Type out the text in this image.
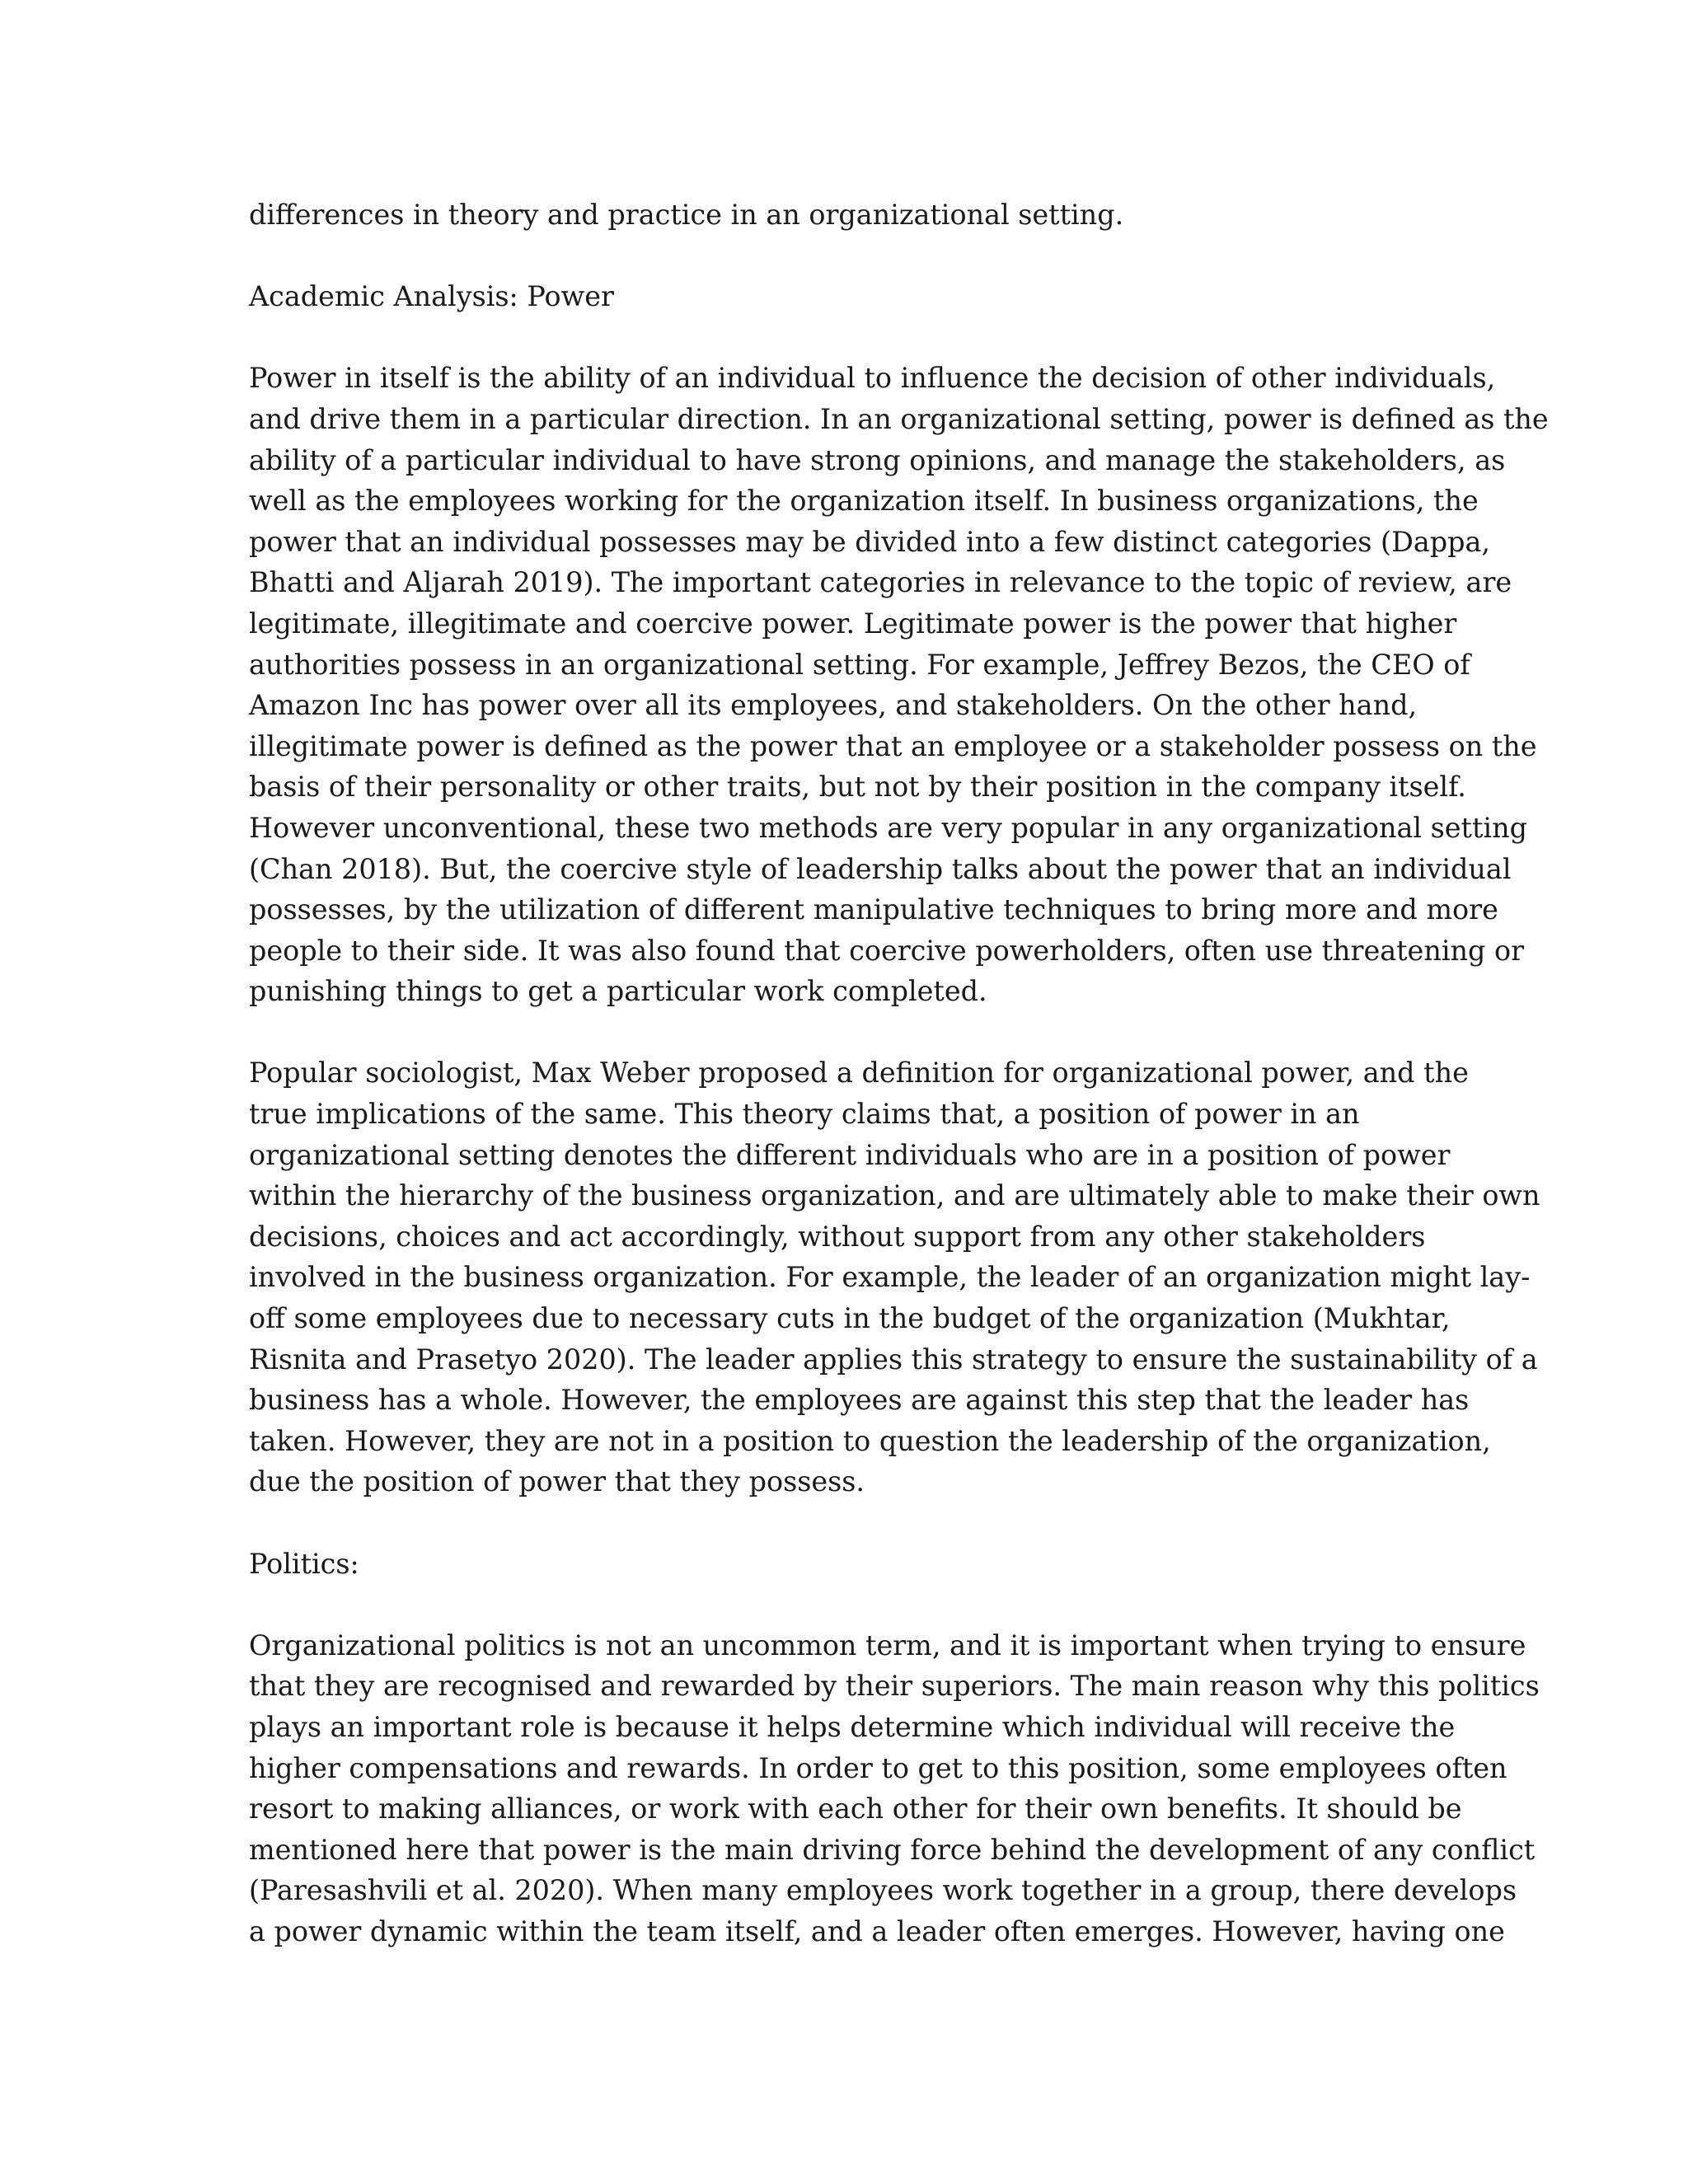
differences in theory and practice in an organizational setting.
Academic Analysis: Power
Power in itself is the ability of an individual to influence the decision of other individuals,
and drive them in a particular direction. In an organizational setting, power is defined as the
ability of a particular individual to have strong opinions, and manage the stakeholders, as
well as the employees working for the organization itself. In business organizations, the
power that an individual possesses may be divided into a few distinct categories (Dappa,
Bhatti and Aljarah 2019). The important categories in relevance to the topic of review, are
legitimate, illegitimate and coercive power. Legitimate power is the power that higher
authorities possess in an organizational setting. For example, Jeffrey Bezos, the CEO of
Amazon Inc has power over all its employees, and stakeholders. On the other hand,
illegitimate power is defined as the power that an employee or a stakeholder possess on the
basis of their personality or other traits, but not by their position in the company itself.
However unconventional, these two methods are very popular in any organizational setting
(Chan 2018). But, the coercive style of leadership talks about the power that an individual
possesses, by the utilization of different manipulative techniques to bring more and more
people to their side. It was also found that coercive powerholders, often use threatening or
punishing things to get a particular work completed.
Popular sociologist, Max Weber proposed a definition for organizational power, and the
true implications of the same. This theory claims that, a position of power in an
organizational setting denotes the different individuals who are in a position of power
within the hierarchy of the business organization, and are ultimately able to make their own
decisions, choices and act accordingly, without support from any other stakeholders
involved in the business organization. For example, the leader of an organization might lay-
off some employees due to necessary cuts in the budget of the organization (Mukhtar,
Risnita and Prasetyo 2020). The leader applies this strategy to ensure the sustainability of a
business has a whole. However, the employees are against this step that the leader has
taken. However, they are not in a position to question the leadership of the organization,
due the position of power that they possess.
Politics:
Organizational politics is not an uncommon term, and it is important when trying to ensure
that they are recognised and rewarded by their superiors. The main reason why this politics
plays an important role is because it helps determine which individual will receive the
higher compensations and rewards. In order to get to this position, some employees often
resort to making alliances, or work with each other for their own benefits. It should be
mentioned here that power is the main driving force behind the development of any conflict
(Paresashvili et al. 2020). When many employees work together in a group, there develops
a power dynamic within the team itself, and a leader often emerges. However, having one
